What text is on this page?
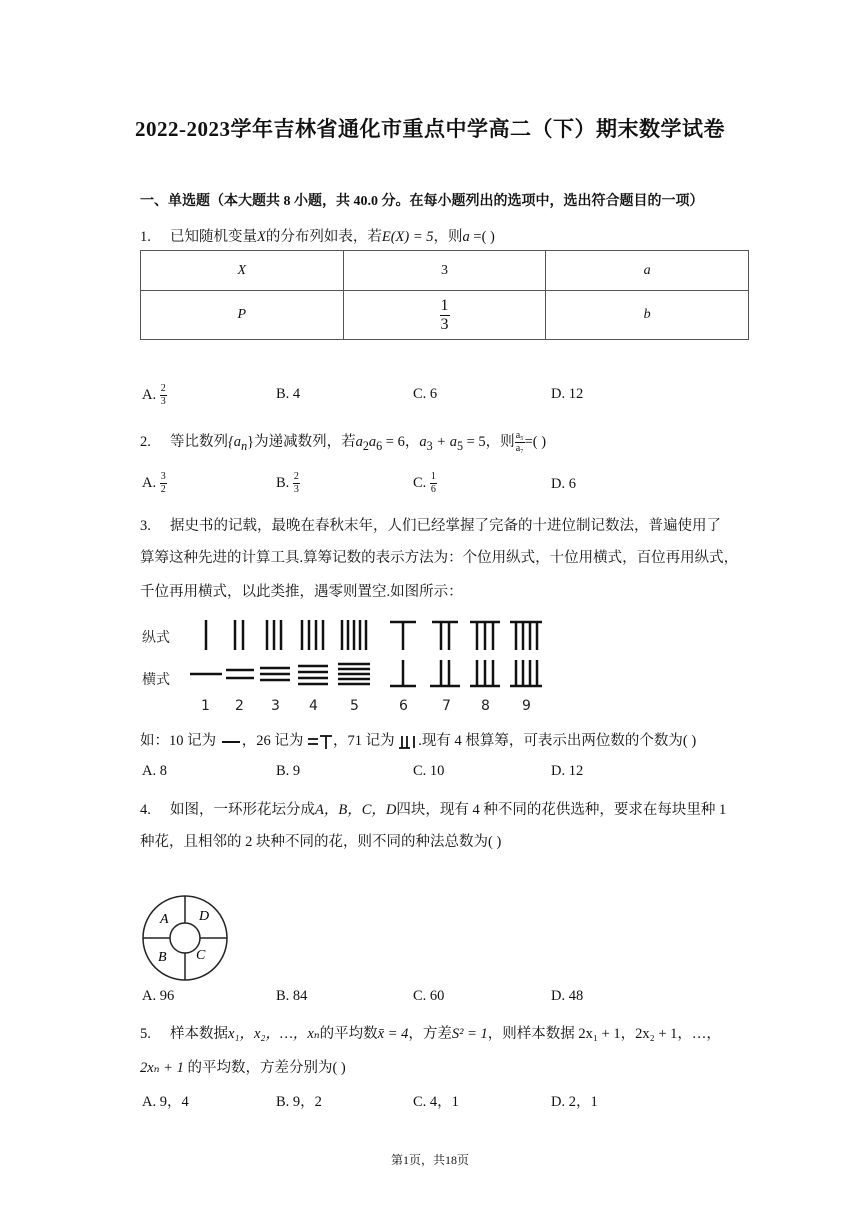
2022-2023学年吉林省通化市重点中学高二（下）期末数学试卷
一、单选题（本大题共 8 小题，共 40.0 分。在每小题列出的选项中，选出符合题目的一项）
1. 已知随机变量X的分布列如表，若E(X) = 5，则a =( )
X	3	a
P	$\frac{1}{3}$	b
A. $\frac{2}{3}$	B. 4	C. 6	D. 12
2. 等比数列$\{a_n\}$为递减数列，若$a_2a_6 = 6$，$a_3 + a_5 = 5$，则 $\frac{\text{a₅}}{\text{a₇}}$ =( )
A. $\frac{3}{2}$	B. $\frac{2}{3}$	C. $\frac{1}{6}$	D. 6
3. 据史书的记载，最晚在春秋末年，人们已经掌握了完备的十进位制记数法，普遍使用了
算筹这种先进的计算工具.算筹记数的表示方法为：个位用纵式，十位用横式，百位再用纵式，
千位再用横式，以此类推，遇零则置空.如图所示：
纵式
横式
1 2 3 4 5	6 7 8 9
如：10 记为 ，26 记为 ，71 记为 .现有 4 根算筹，可表示出两位数的个数为( )
A. 8	B. 9	C. 10	D. 12
4. 如图，一环形花坛分成A，B，C，D四块，现有 4 种不同的花供选种，要求在每块里种 1
种花，且相邻的 2 块种不同的花，则不同的种法总数为( )
A D
B C
A. 96	B. 84	C. 60	D. 48
5. 样本数据x₁，x₂，…，xₙ的平均数x̄ = 4，方差S² = 1，则样本数据 2x₁ + 1，2x₂ + 1，…，
2xₙ + 1 的平均数，方差分别为( )
A. 9，4	B. 9，2	C. 4，1	D. 2，1
第1页，共18页
